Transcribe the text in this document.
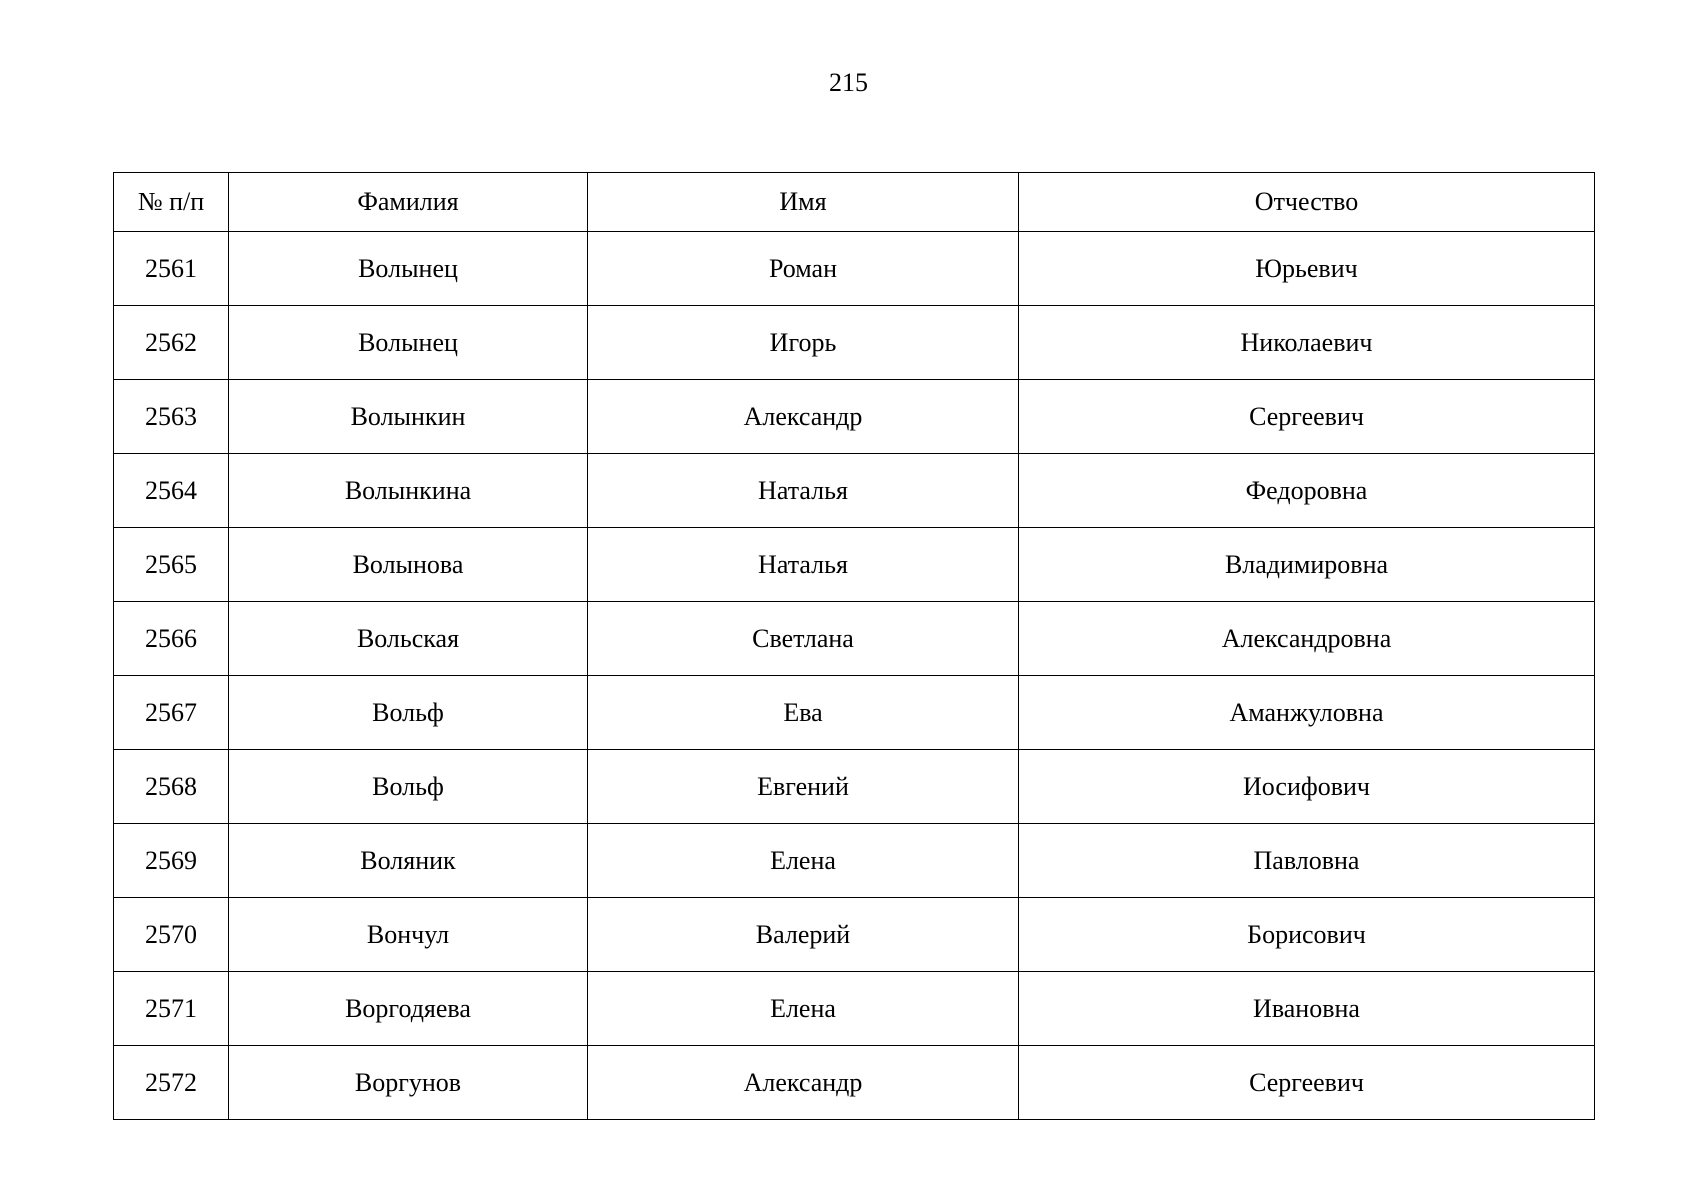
215
№ п/п	Фамилия	Имя	Отчество
2561	Волынец	Роман	Юрьевич
2562	Волынец	Игорь	Николаевич
2563	Волынкин	Александр	Сергеевич
2564	Волынкина	Наталья	Федоровна
2565	Волынова	Наталья	Владимировна
2566	Вольская	Светлана	Александровна
2567	Вольф	Ева	Аманжуловна
2568	Вольф	Евгений	Иосифович
2569	Воляник	Елена	Павловна
2570	Вончул	Валерий	Борисович
2571	Воргодяева	Елена	Ивановна
2572	Воргунов	Александр	Сергеевич
